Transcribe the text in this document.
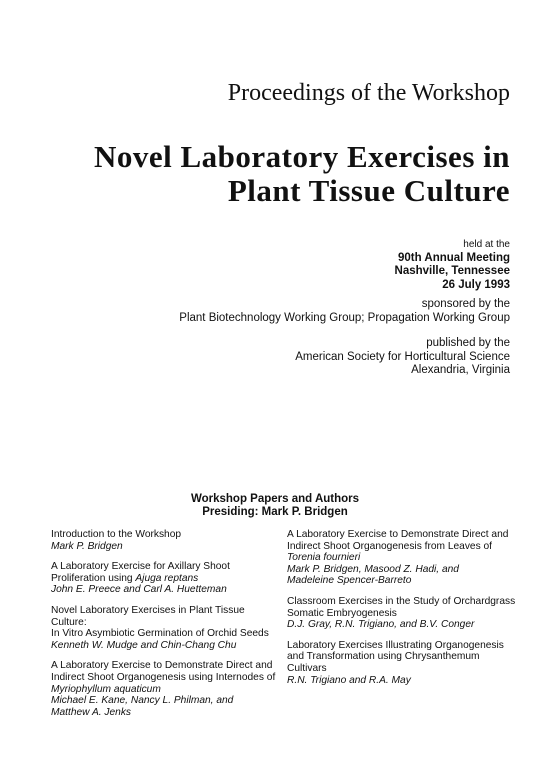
Proceedings of the Workshop
Novel Laboratory Exercises in
Plant Tissue Culture
held at the
90th Annual Meeting
Nashville, Tennessee
26 July 1993
sponsored by the
Plant Biotechnology Working Group; Propagation Working Group
published by the
American Society for Horticultural Science
Alexandria, Virginia
Workshop Papers and Authors
Presiding: Mark P. Bridgen
Introduction to the Workshop
Mark P. Bridgen
A Laboratory Exercise for Axillary Shoot
Proliferation using Ajuga reptans
John E. Preece and Carl A. Huetteman
Novel Laboratory Exercises in Plant Tissue Culture:
In Vitro Asymbiotic Germination of Orchid Seeds
Kenneth W. Mudge and Chin-Chang Chu
A Laboratory Exercise to Demonstrate Direct and
Indirect Shoot Organogenesis using Internodes of
Myriophyllum aquaticum
Michael E. Kane, Nancy L. Philman, and
Matthew A. Jenks
A Laboratory Exercise to Demonstrate Direct and
Indirect Shoot Organogenesis from Leaves of
Torenia fournieri
Mark P. Bridgen, Masood Z. Hadi, and
Madeleine Spencer-Barreto
Classroom Exercises in the Study of Orchardgrass
Somatic Embryogenesis
D.J. Gray, R.N. Trigiano, and B.V. Conger
Laboratory Exercises Illustrating Organogenesis
and Transformation using Chrysanthemum
Cultivars
R.N. Trigiano and R.A. May
